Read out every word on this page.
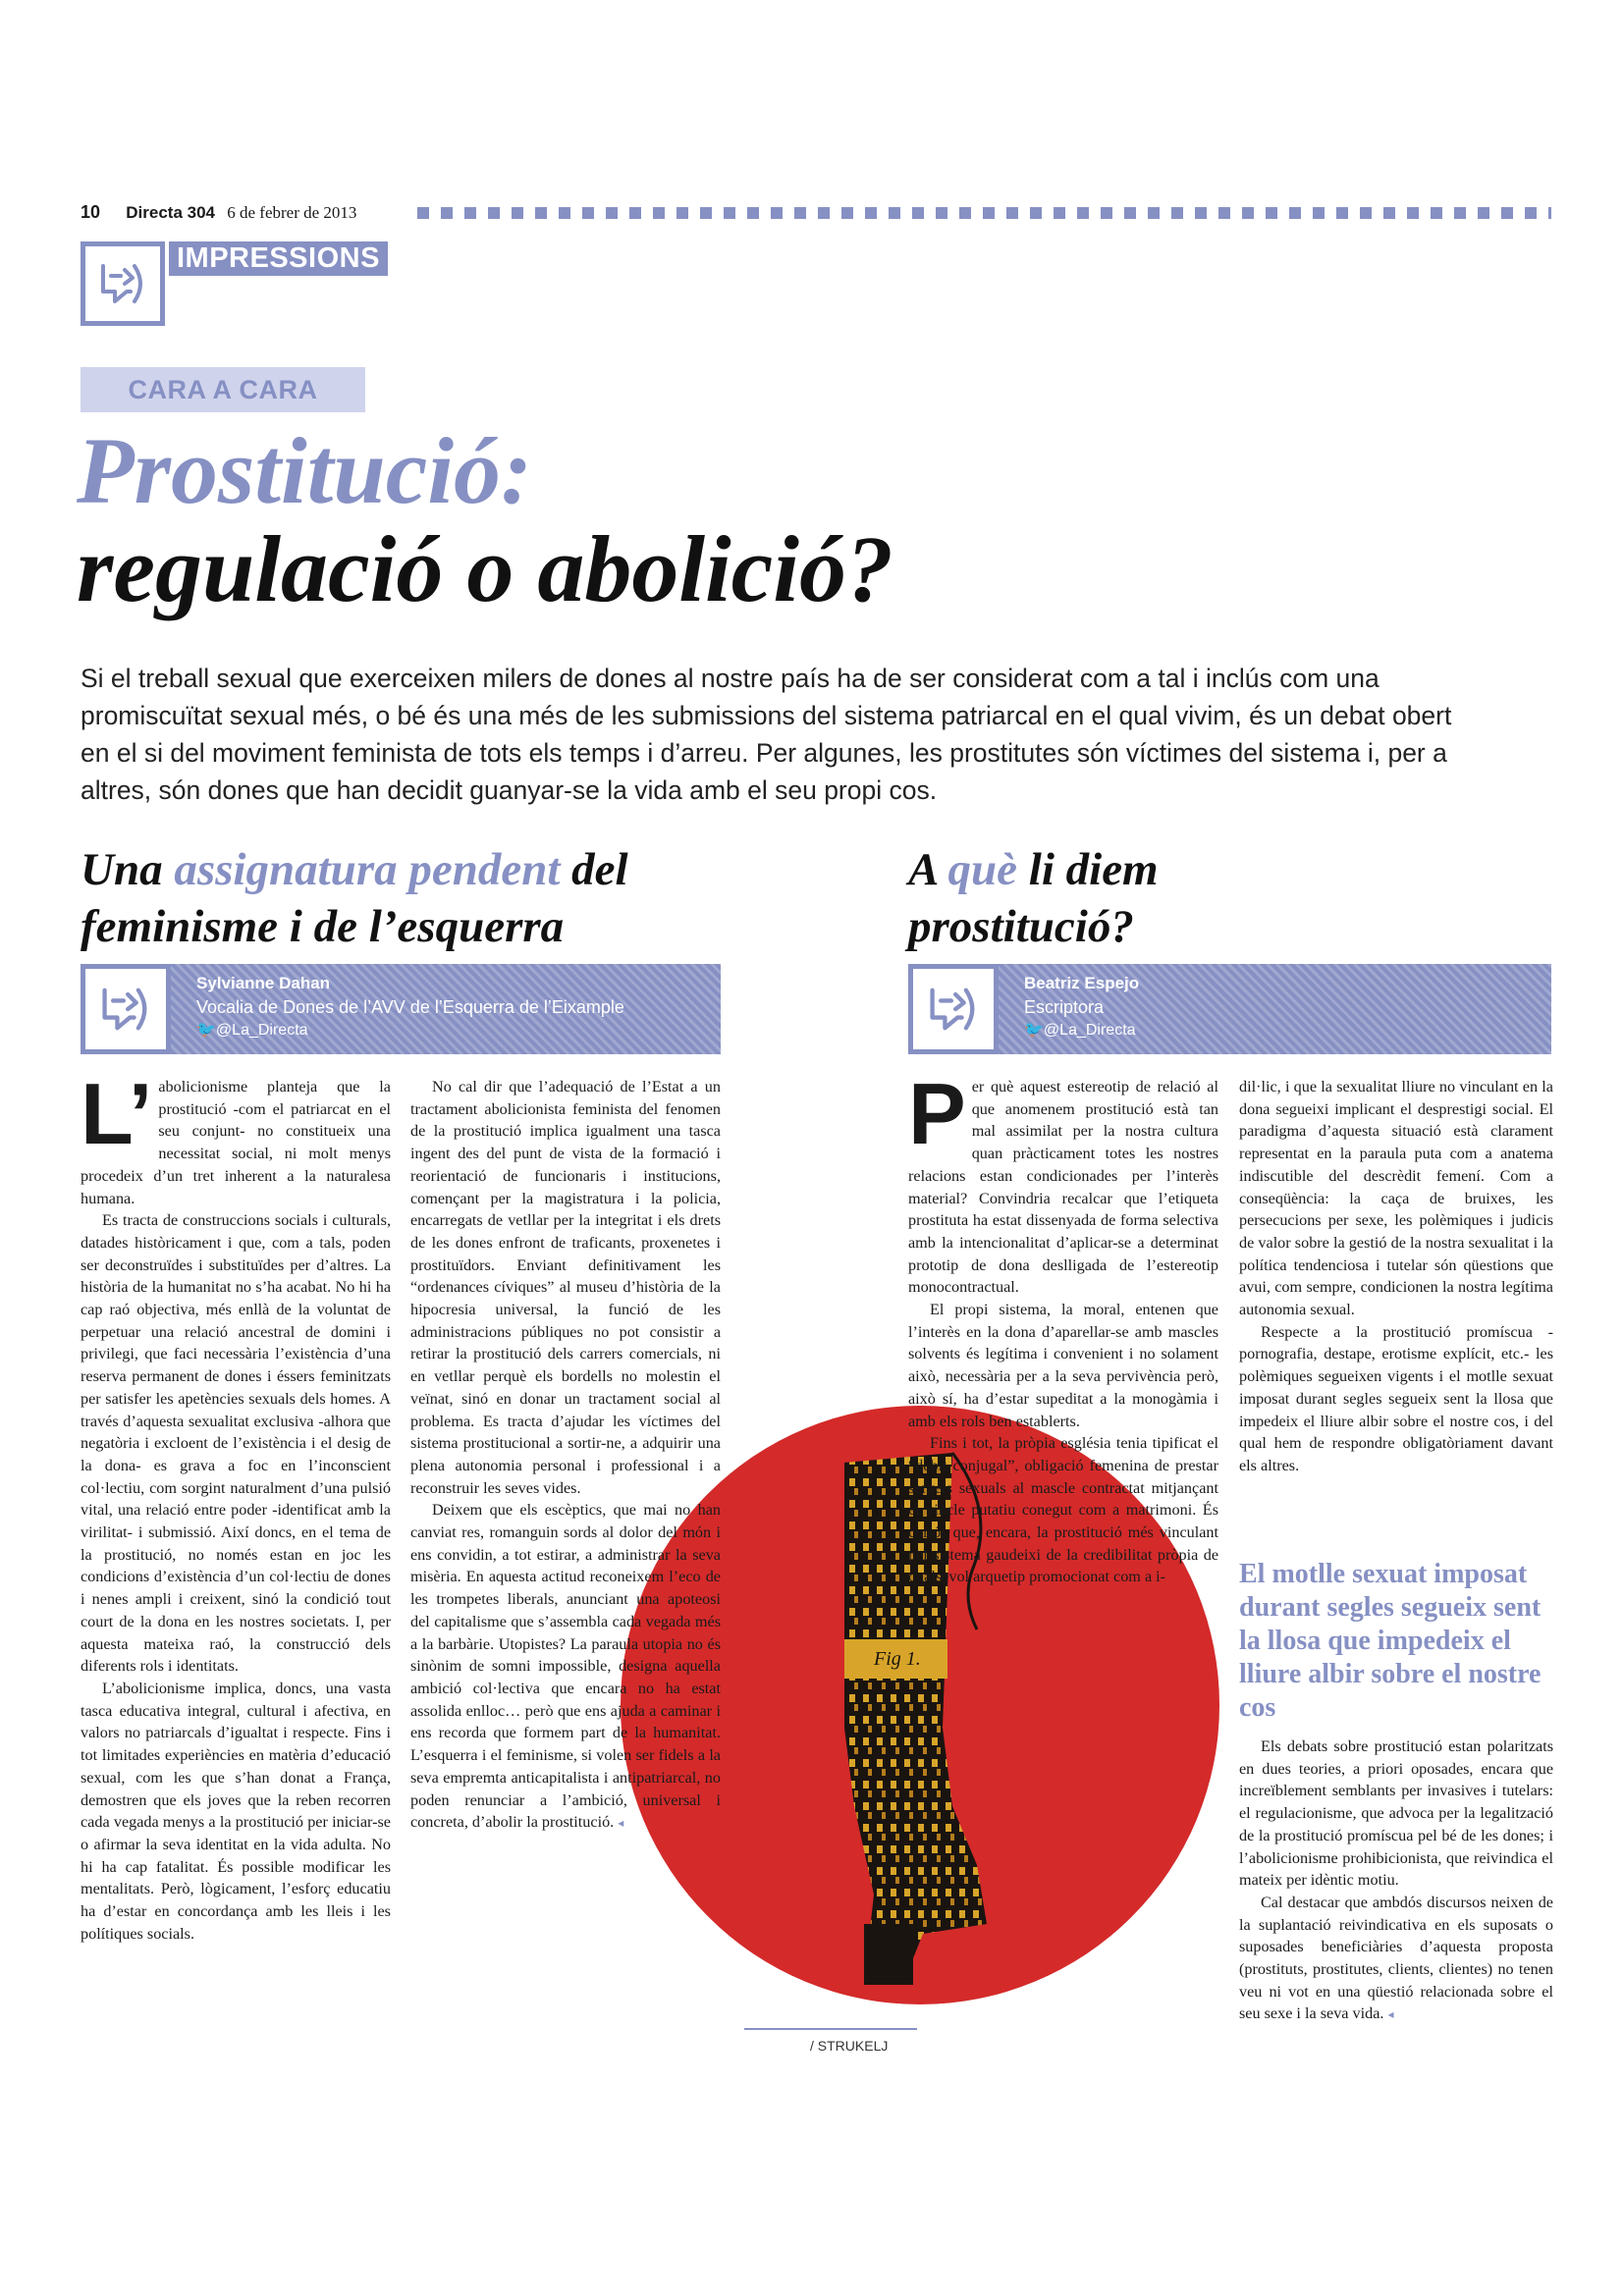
10 Directa 304 6 de febrer de 2013
IMPRESSIONS
CARA A CARA
Prostitució:
regulació o abolició?
Si el treball sexual que exerceixen milers de dones al nostre país ha de ser considerat com a tal i inclús com una promiscuïtat sexual més, o bé és una més de les submissions del sistema patriarcal en el qual vivim, és un debat obert en el si del moviment feminista de tots els temps i d’arreu. Per algunes, les prostitutes són víctimes del sistema i, per a altres, són dones que han decidit guanyar-se la vida amb el seu propi cos.
Una assignatura pendent del
feminisme i de l’esquerra
Sylvianne Dahan
Vocalia de Dones de l’AVV de l’Esquerra de l’Eixample
🐦@La_Directa
A què li diem
prostitució?
Beatriz Espejo
Escriptora
🐦@La_Directa
Fig 1.
/ STRUKELJ

L’ abolicionisme planteja que la prostitució -com el patriarcat en el seu conjunt- no constitueix una necessitat social, ni molt menys procedeix d’un tret inherent a la naturalesa humana.

Es tracta de construccions socials i culturals, datades històricament i que, com a tals, poden ser deconstruïdes i substituïdes per d’altres. La història de la humanitat no s’ha acabat. No hi ha cap raó objectiva, més enllà de la voluntat de perpetuar una relació ancestral de domini i privilegi, que faci necessària l’existència d’una reserva permanent de dones i éssers feminitzats per satisfer les apetències sexuals dels homes. A través d’aquesta sexualitat exclusiva -alhora que negatòria i excloent de l’existència i el desig de la dona- es grava a foc en l’inconscient col·lectiu, com sorgint naturalment d’una pulsió vital, una relació entre poder -identificat amb la virilitat- i submissió. Així doncs, en el tema de la prostitució, no només estan en joc les condicions d’existència d’un col·lectiu de dones i nenes ampli i creixent, sinó la condició tout court de la dona en les nostres societats. I, per aquesta mateixa raó, la construcció dels diferents rols i identitats.

L’abolicionisme implica, doncs, una vasta tasca educativa integral, cultural i afectiva, en valors no patriarcals d’igualtat i respecte. Fins i tot limitades experiències en matèria d’educació sexual, com les que s’han donat a França, demostren que els joves que la reben recorren cada vegada menys a la prostitució per iniciar-se o afirmar la seva identitat en la vida adulta. No hi ha cap fatalitat. És possible modificar les mentalitats. Però, lògicament, l’esforç educatiu ha d’estar en concordança amb les lleis i les polítiques socials.

No cal dir que l’adequació de l’Estat a un tractament abolicionista feminista del fenomen de la prostitució implica igualment una tasca ingent des del punt de vista de la formació i reorientació de funcionaris i institucions, començant per la magistratura i la policia, encarregats de vetllar per la integritat i els drets de les dones enfront de traficants, proxenetes i prostituïdors. Enviant definitivament les “ordenances cíviques” al museu d’història de la hipocresia universal, la funció de les administracions públiques no pot consistir a retirar la prostitució dels carrers comercials, ni en vetllar perquè els bordells no molestin el veïnat, sinó en donar un tractament social al problema. Es tracta d’ajudar les víctimes del sistema prostitucional a sortir-ne, a adquirir una plena autonomia personal i professional i a reconstruir les seves vides.

Deixem que els escèptics, que mai no han canviat res, romanguin sords al dolor del món i ens convidin, a tot estirar, a administrar la seva misèria. En aquesta actitud reconeixem l’eco de les trompetes liberals, anunciant una apoteosi del capitalisme que s’assembla cada vegada més a la barbàrie. Utopistes? La paraula utopia no és sinònim de somni impossible, designa aquella ambició col·lectiva que encara no ha estat assolida enlloc… però que ens ajuda a caminar i ens recorda que formem part de la humanitat. L’esquerra i el feminisme, si volen ser fidels a la seva empremta anticapitalista i antipatriarcal, no poden renunciar a l’ambició, universal i concreta, d’abolir la prostitució. ◂

Per què aquest estereotip de relació al que anomenem prostitució està tan mal assimilat per la nostra cultura quan pràcticament totes les nostres relacions estan condicionades per l’interès material? Convindria recalcar que l’etiqueta prostituta ha estat dissenyada de forma selectiva amb la intencionalitat d’aplicar-se a determinat prototip de dona deslligada de l’estereotip monocontractual.

El propi sistema, la moral, entenen que l’interès en la dona d’aparellar-se amb mascles solvents és legítima i convenient i no solament això, necessària per a la seva pervivència però, això sí, ha d’estar supeditat a la monogàmia i amb els rols ben establerts.

Fins i tot, la pròpia església tenia tipificat el “dèbit conjugal”, obligació femenina de prestar serveis sexuals al mascle contractat mitjançant el vincle putatiu conegut com a matrimoni. És curiós que, encara, la prostitució més vinculant pel sistema gaudeixi de la credibilitat pròpia de qualsevol arquetip promocionat com a i-

dil·lic, i que la sexualitat lliure no vinculant en la dona segueixi implicant el desprestigi social. El paradigma d’aquesta situació està clarament representat en la paraula puta com a anatema indiscutible del descrèdit femení. Com a conseqüència: la caça de bruixes, les persecucions per sexe, les polèmiques i judicis de valor sobre la gestió de la nostra sexualitat i la política tendenciosa i tutelar són qüestions que avui, com sempre, condicionen la nostra legítima autonomia sexual.

Respecte a la prostitució promíscua -pornografia, destape, erotisme explícit, etc.- les polèmiques segueixen vigents i el motlle sexuat imposat durant segles segueix sent la llosa que impedeix el lliure albir sobre el nostre cos, i del qual hem de respondre obligatòriament davant els altres.

El motlle sexuat imposat durant segles segueix sent la llosa que impedeix el lliure albir sobre el nostre cos

Els debats sobre prostitució estan polaritzats en dues teories, a priori oposades, encara que increïblement semblants per invasives i tutelars: el regulacionisme, que advoca per la legalització de la prostitució promíscua pel bé de les dones; i l’abolicionisme prohibicionista, que reivindica el mateix per idèntic motiu.

Cal destacar que ambdós discursos neixen de la suplantació reivindicativa en els suposats o suposades beneficiàries d’aquesta proposta (prostituts, prostitutes, clients, clientes) no tenen veu ni vot en una qüestió relacionada sobre el seu sexe i la seva vida. ◂
